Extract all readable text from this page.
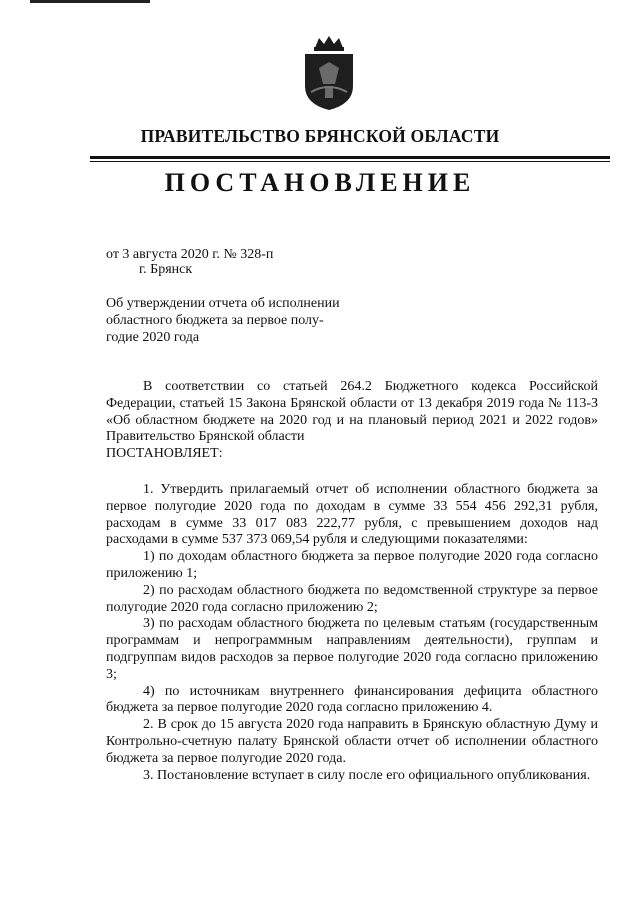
ПРАВИТЕЛЬСТВО БРЯНСКОЙ ОБЛАСТИ
ПОСТАНОВЛЕНИЕ
от 3 августа 2020 г. № 328-п
г. Брянск
Об утверждении отчета об исполнении
областного бюджета за первое полу-
годие 2020 года

В соответствии со статьей 264.2 Бюджетного кодекса Российской Федерации, статьей 15 Закона Брянской области от 13 декабря 2019 года № 113-З «Об областном бюджете на 2020 год и на плановый период 2021 и 2022 годов» Правительство Брянской области

ПОСТАНОВЛЯЕТ:

1. Утвердить прилагаемый отчет об исполнении областного бюджета за первое полугодие 2020 года по доходам в сумме 33 554 456 292,31 рубля, расходам в сумме 33 017 083 222,77 рубля, с превышением доходов над расходами в сумме 537 373 069,54 рубля и следующими показателями:

1) по доходам областного бюджета за первое полугодие 2020 года согласно приложению 1;

2) по расходам областного бюджета по ведомственной структуре за первое полугодие 2020 года согласно приложению 2;

3) по расходам областного бюджета по целевым статьям (государственным программам и непрограммным направлениям деятельности), группам и подгруппам видов расходов за первое полугодие 2020 года согласно приложению 3;

4) по источникам внутреннего финансирования дефицита областного бюджета за первое полугодие 2020 года согласно приложению 4.

2. В срок до 15 августа 2020 года направить в Брянскую областную Думу и Контрольно-счетную палату Брянской области отчет об исполнении областного бюджета за первое полугодие 2020 года.

3. Постановление вступает в силу после его официального опубликования.
